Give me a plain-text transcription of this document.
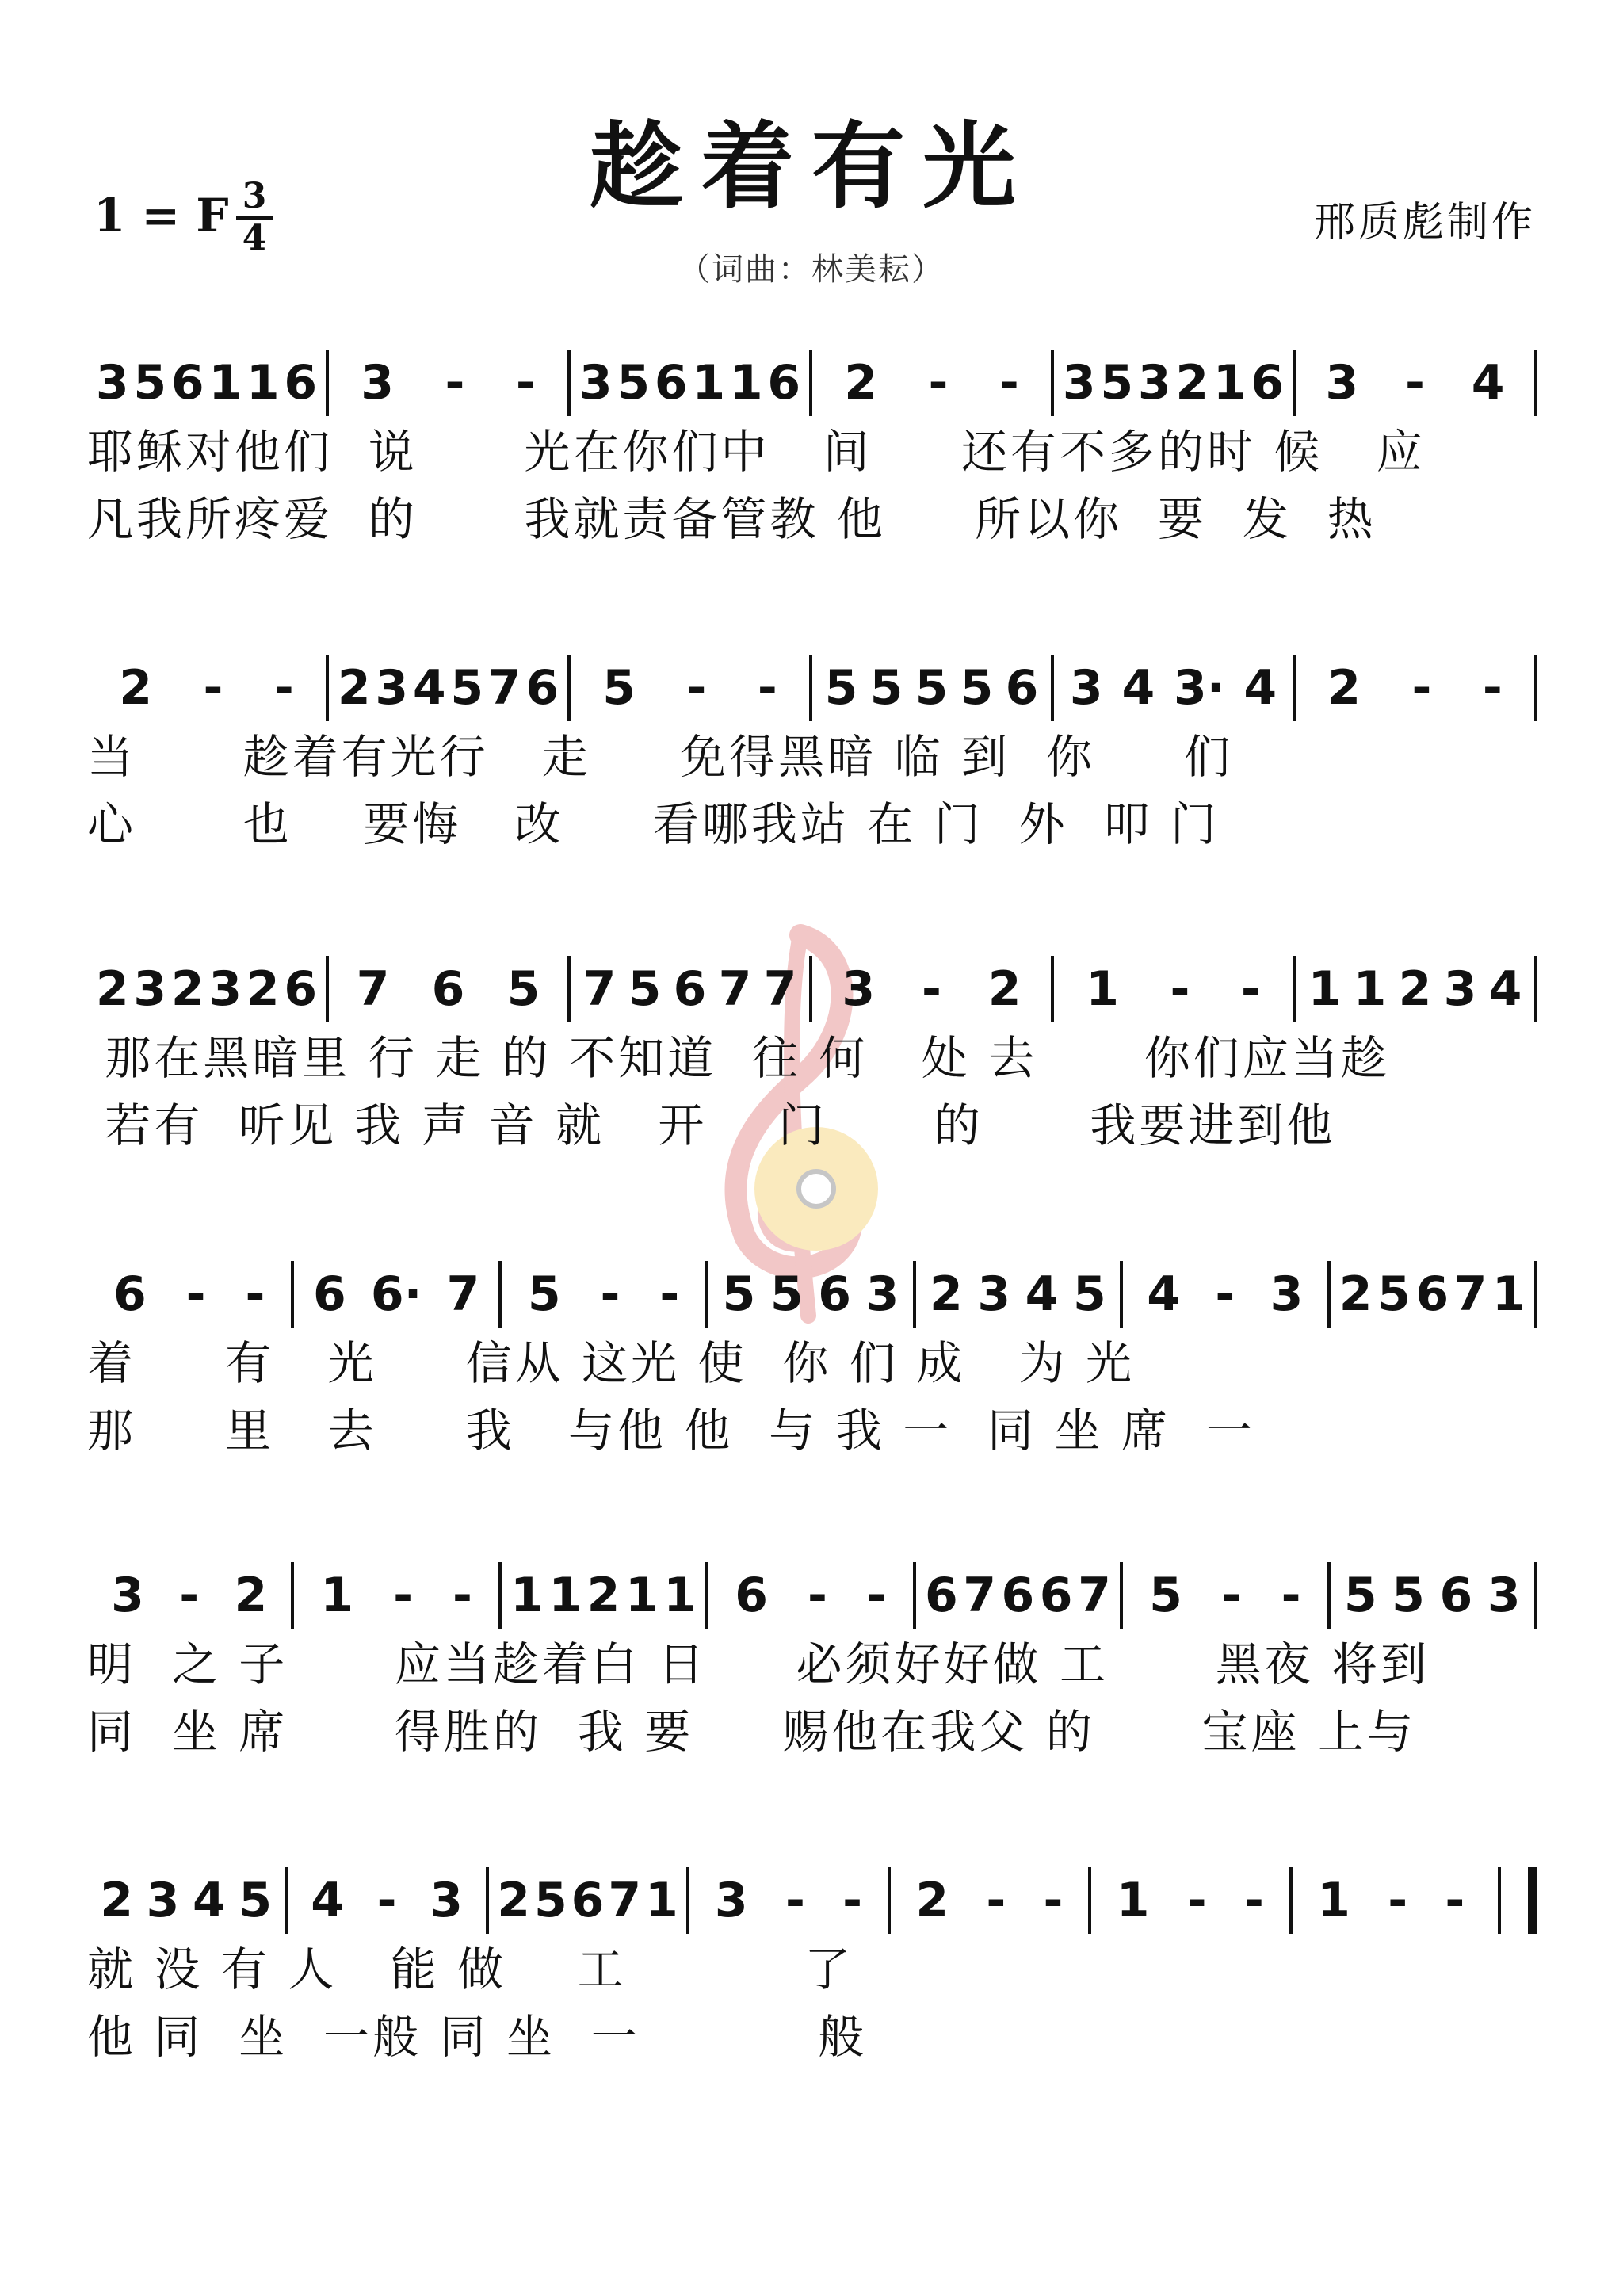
趁着有光
1 = F 3
4	邢质彪制作
（词曲：林美耘）
3 5 6 1 1 6 3 - - 3 5 6 1 1 6 2 - - 3 5 3 2 1 6 3 - 4
耶稣对他们  说      光在你们中   间     还有不多的时 候   应
凡我所疼爱  的      我就责备管教 他     所以你  要  发  热
2 - - 2 3 4 5 7 6 5 - - 5 5 5 5 6 3 4 3· 4 2 - -
当      趁着有光行   走     免得黑暗 临 到  你     们
心      也    要悔   改     看哪我站 在 门  外  叩 门
2 3 2 3 2 6 7 6 5 7 5 6 7 7 3 - 2 1 - - 1 1 2 3 4
那在黑暗里 行 走 的 不知道  往 何   处 去      你们应当趁
若有  听见 我 声 音 就   开    门      的      我要进到他
6 - - 6 6· 7 5 - - 5 5 6 3 2 3 4 5 4 - 3 2 5 6 7 1
着     有   光     信从 这光 使  你 们 成   为 光
那     里   去     我   与他 他  与 我 一  同 坐 席  一
3 - 2 1 - - 1 1 2 1 1 6 - - 6 7 6 6 7 5 - - 5 5 6 3
明  之 子      应当趁着白 日     必须好好做 工      黑夜 将到
同  坐 席      得胜的  我 要     赐他在我父 的      宝座 上与
2 3 4 5 4 - 3 2 5 6 7 1 3 - - 2 - - 1 - - 1 - -
就 没 有 人   能 做    工          了
他 同  坐  一般 同 坐  一          般
